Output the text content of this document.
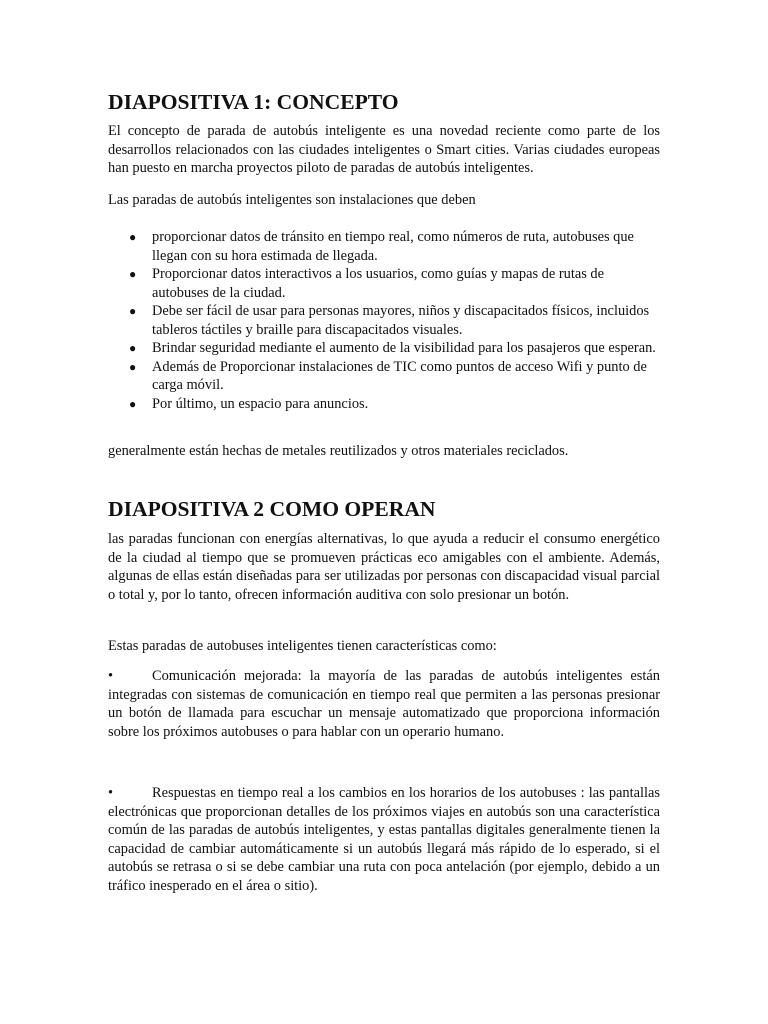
DIAPOSITIVA 1: CONCEPTO

El concepto de parada de autobús inteligente es una novedad reciente como parte de los desarrollos relacionados con las ciudades inteligentes o Smart cities. Varias ciudades europeas han puesto en marcha proyectos piloto de paradas de autobús inteligentes.

Las paradas de autobús inteligentes son instalaciones que deben

● proporcionar datos de tránsito en tiempo real, como números de ruta, autobuses que llegan con su hora estimada de llegada.
● Proporcionar datos interactivos a los usuarios, como guías y mapas de rutas de autobuses de la ciudad.
● Debe ser fácil de usar para personas mayores, niños y discapacitados físicos, incluidos tableros táctiles y braille para discapacitados visuales.
● Brindar seguridad mediante el aumento de la visibilidad para los pasajeros que esperan.
● Además de Proporcionar instalaciones de TIC como puntos de acceso Wifi y punto de carga móvil.
● Por último, un espacio para anuncios.

generalmente están hechas de metales reutilizados y otros materiales reciclados.

DIAPOSITIVA 2 COMO OPERAN

las paradas funcionan con energías alternativas, lo que ayuda a reducir el consumo energético de la ciudad al tiempo que se promueven prácticas eco amigables con el ambiente. Además, algunas de ellas están diseñadas para ser utilizadas por personas con discapacidad visual parcial o total y, por lo tanto, ofrecen información auditiva con solo presionar un botón.

Estas paradas de autobuses inteligentes tienen características como:

•	Comunicación mejorada: la mayoría de las paradas de autobús inteligentes están integradas con sistemas de comunicación en tiempo real que permiten a las personas presionar un botón de llamada para escuchar un mensaje automatizado que proporciona información sobre los próximos autobuses o para hablar con un operario humano.

•	Respuestas en tiempo real a los cambios en los horarios de los autobuses : las pantallas electrónicas que proporcionan detalles de los próximos viajes en autobús son una característica común de las paradas de autobús inteligentes, y estas pantallas digitales generalmente tienen la capacidad de cambiar automáticamente si un autobús llegará más rápido de lo esperado, si el autobús se retrasa o si se debe cambiar una ruta con poca antelación (por ejemplo, debido a un tráfico inesperado en el área o sitio).
